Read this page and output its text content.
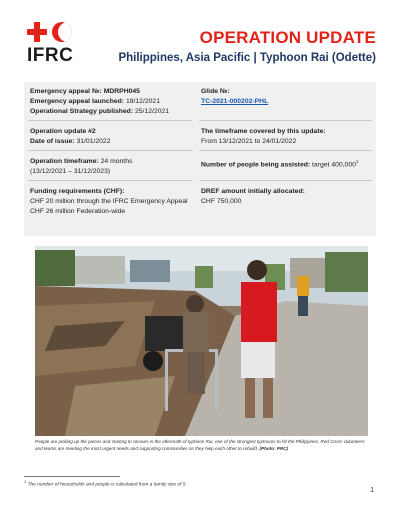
IFRC
OPERATION UPDATE
Philippines, Asia Pacific | Typhoon Rai (Odette)
Emergency appeal №: MDRPH045
Emergency appeal launched: 18/12/2021
Operational Strategy published: 25/12/2021
Glide №:
TC-2021-000202-PHL
Operation update #2
Date of issue: 31/01/2022
The timeframe covered by this update:
From 13/12/2021 to 24/01/2022
Operation timeframe: 24 months
(13/12/2021 – 31/12/2023)
Number of people being assisted: target 400,000$^1$
Funding requirements (CHF):
CHF 20 million through the IFRC Emergency Appeal
CHF 26 million Federation-wide
DREF amount initially allocated:
CHF 750,000
People are picking up the pieces and starting to recover in the aftermath of typhoon Rai, one of the strongest typhoons to hit the Philippines. Red Cross volunteers and teams are meeting the most urgent needs and supporting communities as they help each other to rebuild. (Photo: PRC)
$^1$ The number of households and people is calculated from a family size of 5.
1
